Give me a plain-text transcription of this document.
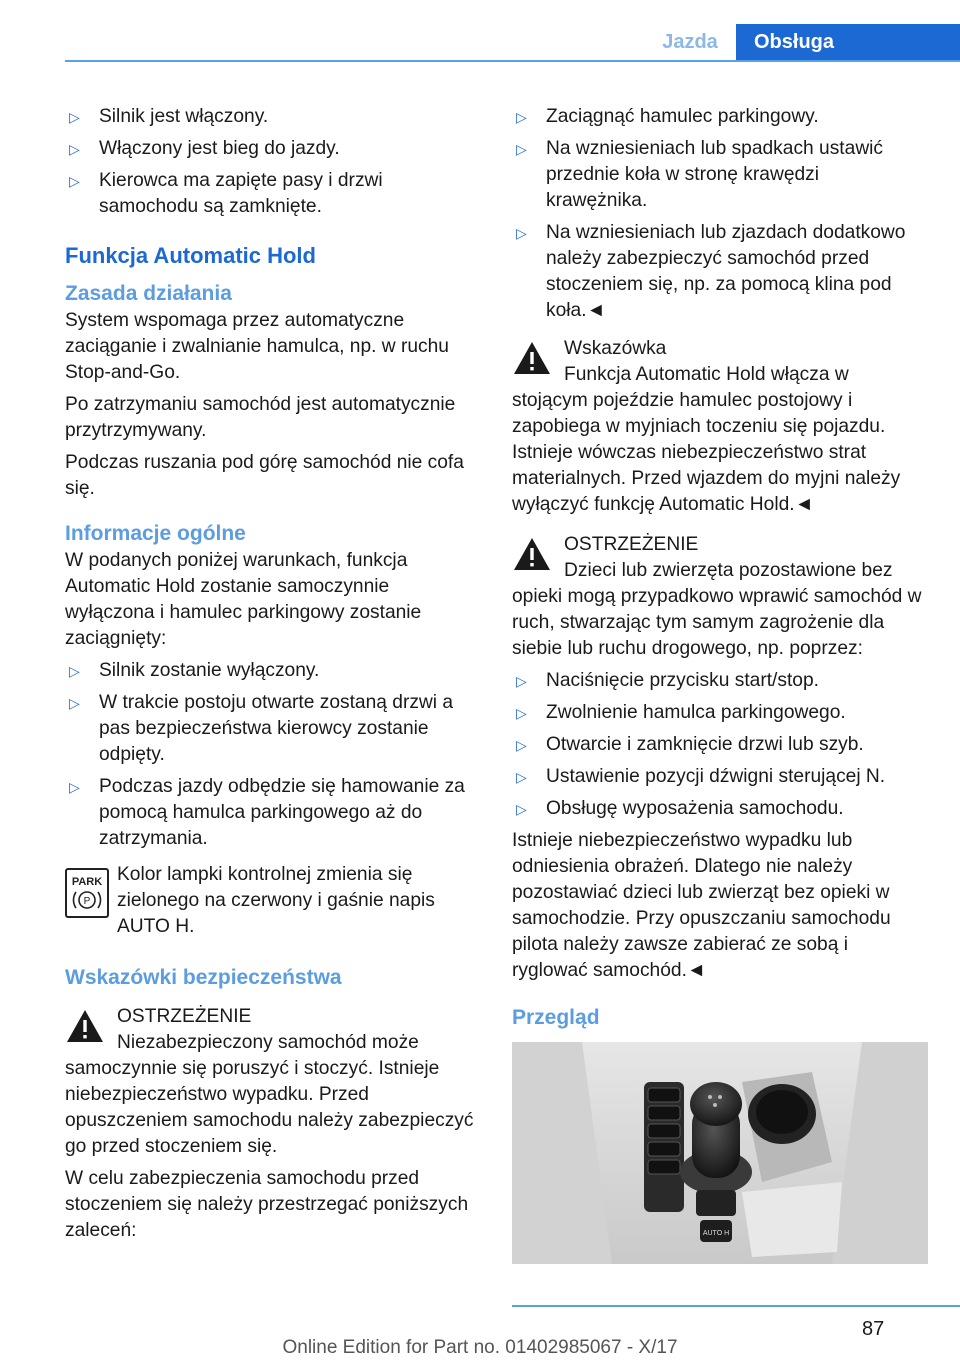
Jazda	Obsługa
▷ Silnik jest włączony.
▷ Włączony jest bieg do jazdy.
▷ Kierowca ma zapięte pasy i drzwi samochodu są zamknięte.
Funkcja Automatic Hold
Zasada działania

System wspomaga przez automatyczne zaciąganie i zwalnianie hamulca, np. w ruchu Stop-and-Go.

Po zatrzymaniu samochód jest automatycznie przytrzymywany.

Podczas ruszania pod górę samochód nie cofa się.

Informacje ogólne

W podanych poniżej warunkach, funkcja Automatic Hold zostanie samoczynnie wyłączona i hamulec parkingowy zostanie zaciągnięty:

▷ Silnik zostanie wyłączony.
▷ W trakcie postoju otwarte zostaną drzwi a pas bezpieczeństwa kierowcy zostanie odpięty.
▷ Podczas jazdy odbędzie się hamowanie za pomocą hamulca parkingowego aż do zatrzymania.
PARK
P
Kolor lampki kontrolnej zmienia się zielonego na czerwony i gaśnie napis AUTO H.
Wskazówki bezpieczeństwa
OSTRZEŻENIE

Niezabezpieczony samochód może samoczynnie się poruszyć i stoczyć. Istnieje niebezpieczeństwo wypadku. Przed opuszczeniem samochodu należy zabezpieczyć go przed stoczeniem się.

W celu zabezpieczenia samochodu przed stoczeniem się należy przestrzegać poniższych zaleceń:

▷ Zaciągnąć hamulec parkingowy.
▷ Na wzniesieniach lub spadkach ustawić przednie koła w stronę krawędzi krawężnika.
▷ Na wzniesieniach lub zjazdach dodatkowo należy zabezpieczyć samochód przed stoczeniem się, np. za pomocą klina pod koła.◄
Wskazówka

Funkcja Automatic Hold włącza w stojącym pojeździe hamulec postojowy i zapobiega w myjniach toczeniu się pojazdu. Istnieje wówczas niebezpieczeństwo strat materialnych. Przed wjazdem do myjni należy wyłączyć funkcję Automatic Hold.◄

OSTRZEŻENIE

Dzieci lub zwierzęta pozostawione bez opieki mogą przypadkowo wprawić samochód w ruch, stwarzając tym samym zagrożenie dla siebie lub ruchu drogowego, np. poprzez:

▷ Naciśnięcie przycisku start/stop.
▷ Zwolnienie hamulca parkingowego.
▷ Otwarcie i zamknięcie drzwi lub szyb.
▷ Ustawienie pozycji dźwigni sterującej N.
▷ Obsługę wyposażenia samochodu.

Istnieje niebezpieczeństwo wypadku lub odniesienia obrażeń. Dlatego nie należy pozostawiać dzieci lub zwierząt bez opieki w samochodzie. Przy opuszczaniu samochodu pilota należy zawsze zabierać ze sobą i ryglować samochód.◄

Przegląd
AUTO H
87
Online Edition for Part no. 01402985067 - X/17
